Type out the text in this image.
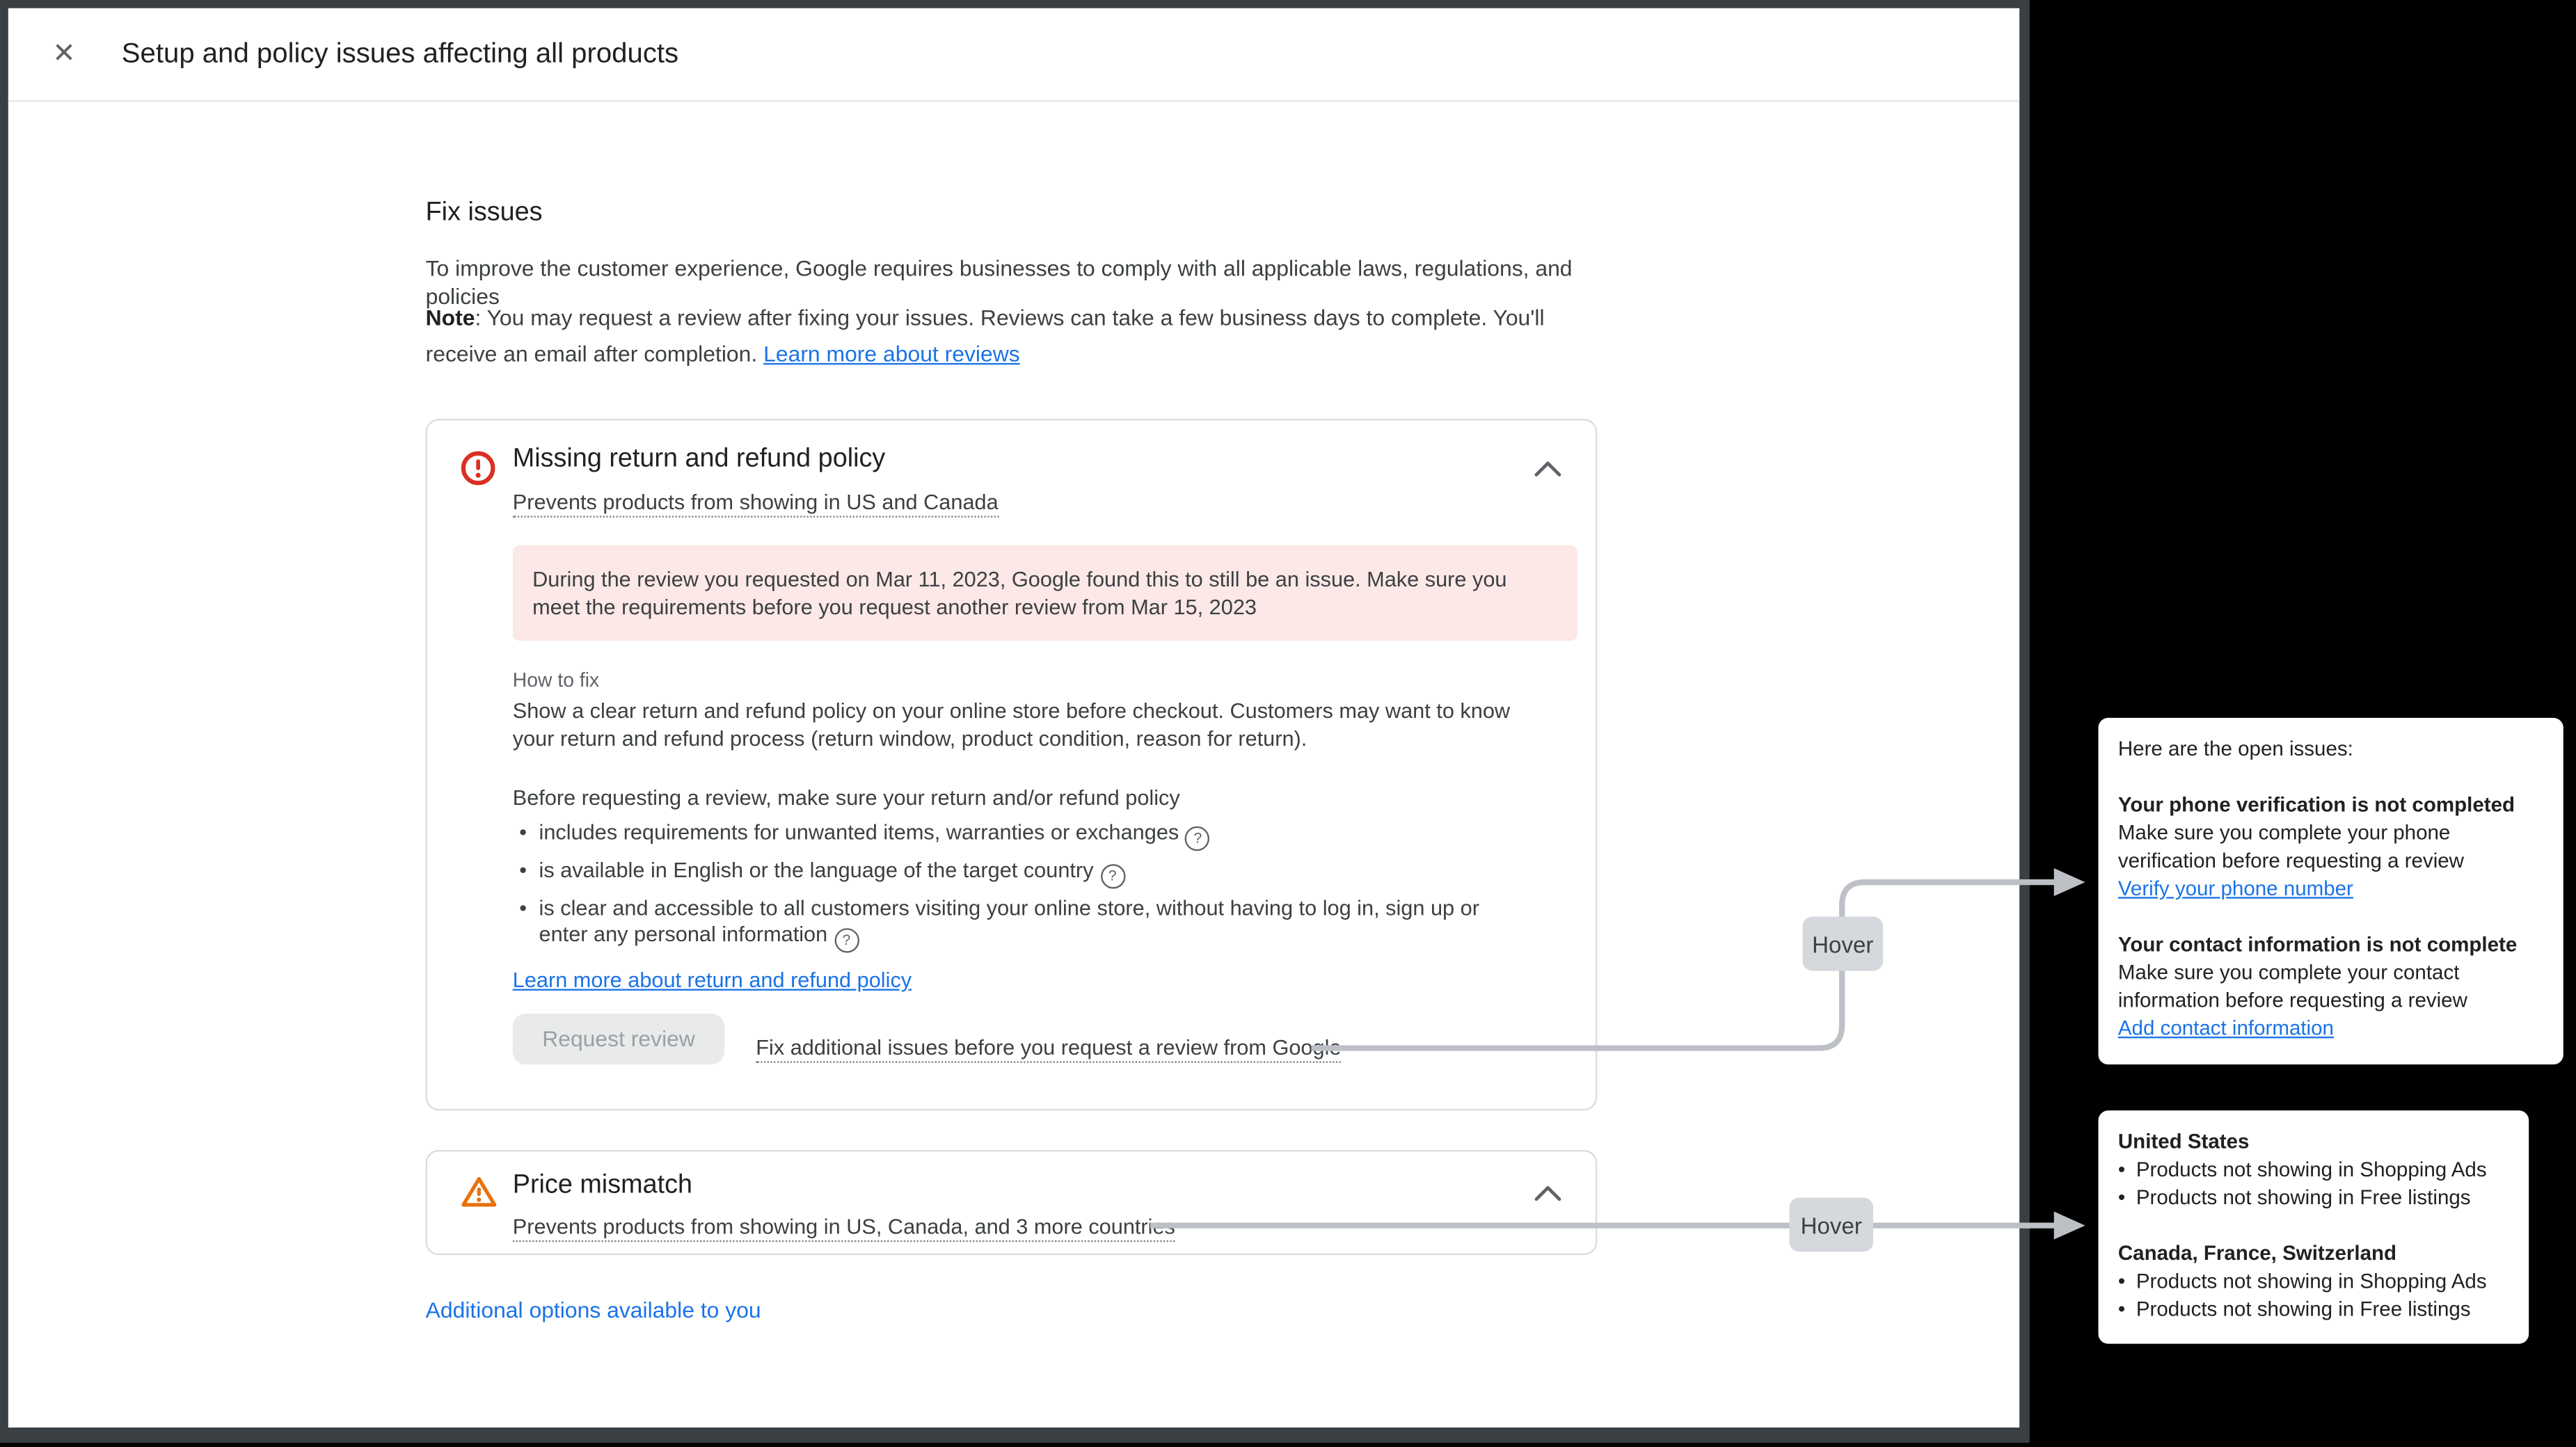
✕	Setup and policy issues affecting all products
Fix issues
To improve the customer experience, Google requires businesses to comply with all applicable laws, regulations, and policies
Note: You may request a review after fixing your issues. Reviews can take a few business days to complete. You'll receive an email after completion. Learn more about reviews
Missing return and refund policy
Prevents products from showing in US and Canada
During the review you requested on Mar 11, 2023, Google found this to still be an issue. Make sure you meet the requirements before you request another review from Mar 15, 2023
How to fix
Show a clear return and refund policy on your online store before checkout. Customers may want to know your return and refund process (return window, product condition, reason for return).
Before requesting a review, make sure your return and/or refund policy
• includes requirements for unwanted items, warranties or exchanges ?
• is available in English or the language of the target country ?
• is clear and accessible to all customers visiting your online store, without having to log in, sign up or enter any personal information ?
Learn more about return and refund policy
Request review	Fix additional issues before you request a review from Google
Price mismatch
Prevents products from showing in US, Canada, and 3 more countries
Additional options available to you
Hover
Hover
Here are the open issues:
Your phone verification is not completed
Make sure you complete your phone verification before requesting a review
Verify your phone number
Your contact information is not complete
Make sure you complete your contact information before requesting a review
Add contact information
United States
• Products not showing in Shopping Ads
• Products not showing in Free listings
Canada, France, Switzerland
• Products not showing in Shopping Ads
• Products not showing in Free listings
